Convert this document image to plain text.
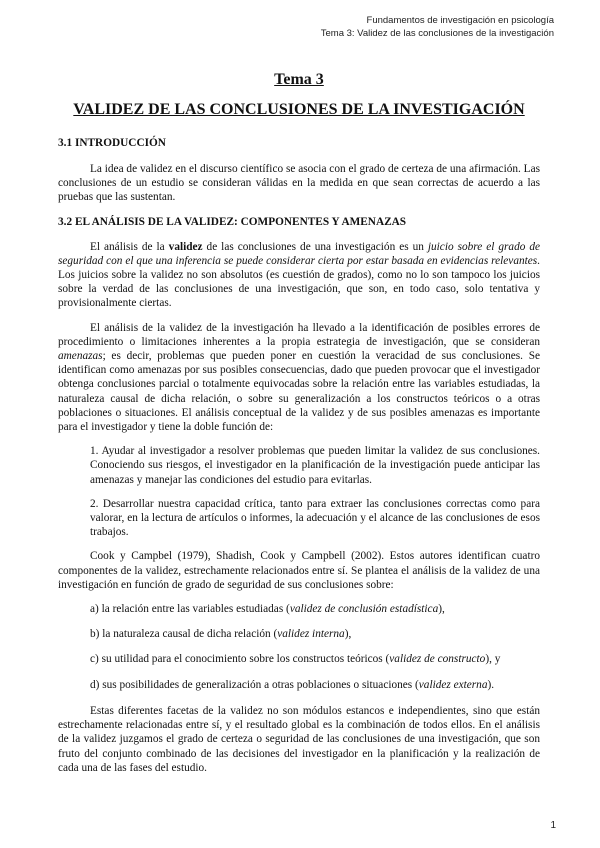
Fundamentos de investigación en psicología
Tema 3: Validez de las conclusiones de la investigación
Tema 3
VALIDEZ DE LAS CONCLUSIONES DE LA INVESTIGACIÓN
3.1 INTRODUCCIÓN

La idea de validez en el discurso científico se asocia con el grado de certeza de una afirmación. Las conclusiones de un estudio se consideran válidas en la medida en que sean correctas de acuerdo a las pruebas que las sustentan.

3.2 EL ANÁLISIS DE LA VALIDEZ: COMPONENTES Y AMENAZAS

El análisis de la validez de las conclusiones de una investigación es un juicio sobre el grado de seguridad con el que una inferencia se puede considerar cierta por estar basada en evidencias relevantes. Los juicios sobre la validez no son absolutos (es cuestión de grados), como no lo son tampoco los juicios sobre la verdad de las conclusiones de una investigación, que son, en todo caso, solo tentativa y provisionalmente ciertas.

El análisis de la validez de la investigación ha llevado a la identificación de posibles errores de procedimiento o limitaciones inherentes a la propia estrategia de investigación, que se consideran amenazas; es decir, problemas que pueden poner en cuestión la veracidad de sus conclusiones. Se identifican como amenazas por sus posibles consecuencias, dado que pueden provocar que el investigador obtenga conclusiones parcial o totalmente equivocadas sobre la relación entre las variables estudiadas, la naturaleza causal de dicha relación, o sobre su generalización a los constructos teóricos o a otras poblaciones o situaciones. El análisis conceptual de la validez y de sus posibles amenazas es importante para el investigador y tiene la doble función de:

1. Ayudar al investigador a resolver problemas que pueden limitar la validez de sus conclusiones. Conociendo sus riesgos, el investigador en la planificación de la investigación puede anticipar las amenazas y manejar las condiciones del estudio para evitarlas.
2. Desarrollar nuestra capacidad crítica, tanto para extraer las conclusiones correctas como para valorar, en la lectura de artículos o informes, la adecuación y el alcance de las conclusiones de esos trabajos.

Cook y Campbel (1979), Shadish, Cook y Campbell (2002). Estos autores identifican cuatro componentes de la validez, estrechamente relacionados entre sí. Se plantea el análisis de la validez de una investigación en función de grado de seguridad de sus conclusiones sobre:

a) la relación entre las variables estudiadas (validez de conclusión estadística),
b) la naturaleza causal de dicha relación (validez interna),
c) su utilidad para el conocimiento sobre los constructos teóricos (validez de constructo), y
d) sus posibilidades de generalización a otras poblaciones o situaciones (validez externa).

Estas diferentes facetas de la validez no son módulos estancos e independientes, sino que están estrechamente relacionadas entre sí, y el resultado global es la combinación de todos ellos. En el análisis de la validez juzgamos el grado de certeza o seguridad de las conclusiones de una investigación, que son fruto del conjunto combinado de las decisiones del investigador en la planificación y la realización de cada una de las fases del estudio.

1
